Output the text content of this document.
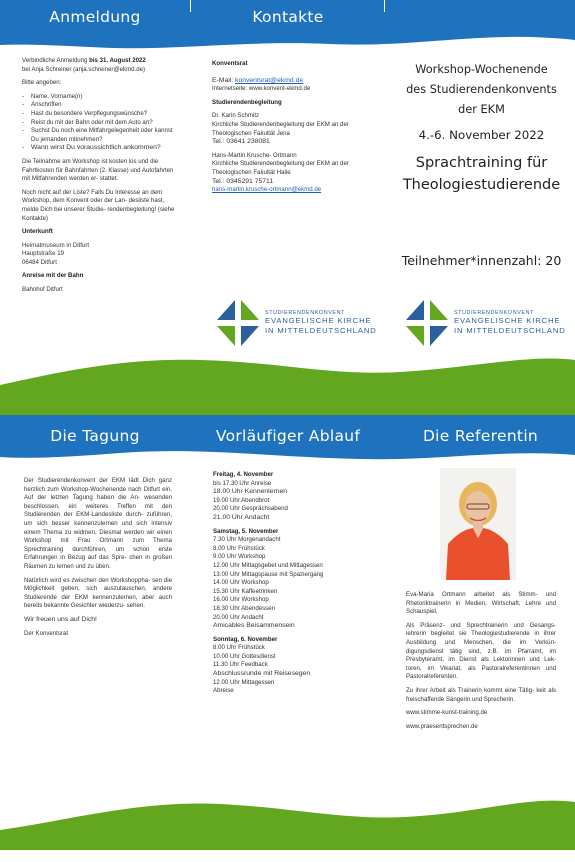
Anmeldung	Kontakte
Verbindliche Anmeldung bis 31. August 2022
bei Anja Schreiner (anja.schreiner@ekmd.de)
Bitte angeben:
- Name, Vorname(n)
- Anschriften
- Hast du besondere Verpflegungswünsche?
- Reist du mit der Bahn oder mit dem Auto an?
- Suchst Du noch eine Mitfahrgelegenheit oder kannst Du jemanden mitnehmen?
- Wann wirst Du voraussichtlich ankommen?
Die Teilnahme am Workshop ist kosten los und die Fahrtkosten für Bahnfahrten (2. Klasse) und Autofahrten mit Mitfahrenden werden er- stattet.
Noch nicht auf der Liste? Falls Du Interesse an dem Workshop, dem Konvent oder der Lan- desliste hast, melde Dich bei unserer Studie- rendenbegleitung! (siehe Kontakte)
Unterkunft
Heimatmuseum in Ditfurt
Hauptstraße 19
06484 Ditfurt
Anreise mit der Bahn
Bahnhof Ditfurt
Konventsrat
E-Mail: konventsrat@ekmd.de
Internetseite: www.konvent-ekmd.de
Studierendenbegleitung
Dr. Karin Schmitz
Kirchliche Studierendenbegleitung der EKM an der Theologischen Fakultät Jena
Tel.: 03641 238081
Hans-Martin Krusche- Ortmann
Kirchliche Studierendenbegleitung der EKM an der Theologischen Fakultät Halle
Tel.: 0345291 75711
hans-martin.krusche-ortmann@ekmd.de
Workshop-Wochenende
des Studierendenkonvents
der EKM
4.-6. November 2022
Sprachtraining für
Theologiestudierende
Teilnehmer*innenzahl: 20
STUDIERENDENKONVENT
EVANGELISCHE KIRCHE
IN MITTELDEUTSCHLAND
STUDIERENDENKONVENT
EVANGELISCHE KIRCHE
IN MITTELDEUTSCHLAND
Die Tagung	Vorläufiger Ablauf	Die Referentin
Der Studierendenkonvent der EKM lädt Dich ganz herzlich zum Workshop-Wochenende nach Ditfurt ein. Auf der letzten Tagung haben die An- wesenden beschlossen, ein weiteres Treffen mit den Studierenden der EKM-Landesliste durch- zuführen, um sich besser kennenzulernen und sich intensiv einem Thema zu widmen. Diesmal werden wir einen Workshop mit Frau Ortmann zum Thema Sprechtraining durchführen, um schon erste Erfahrungen in Bezug auf das Spre- chen in großen Räumen zu lernen und zu üben.
Natürlich wird es zwischen den Workshoppha- sen die Möglichkeit geben, sich auszutauschen, andere Studierende der EKM kennenzulernen, aber auch bereits bekannte Gesichter wiederzu- sehen.
Wir freuen uns auf Dich!
Der Konventsrat
Freitag, 4. November
bis 17.30 Uhr Anreise
18.00 Uhr Kennenlernen
19.00 Uhr Abendbrot
20.00 Uhr Gesprächsabend
21.00 Uhr Andacht
Samstag, 5. November
7.30 Uhr Morgenandacht
8.00 Uhr Frühstück
9.00 Uhr Workshop
12.00 Uhr Mittagsgebet und Mittagessen
13.00 Uhr Mittagspause mit Spaziergang
14.00 Uhr Workshop
15.30 Uhr Kaffeetrinken
16.00 Uhr Workshop
18.30 Uhr Abendessen
20.00 Uhr Andacht
Amicables Beisammensein
Sonntag, 6. November
8.00 Uhr Frühstück
10.00 Uhr Gottesdienst
11.30 Uhr Feedback
Abschlussrunde mit Reisesegen
12.00 Uhr Mittagessen
Abreise
Eva-Maria Ortmann arbeitet als Stimm- und Rhetoriktrainerin in Medien, Wirtschaft, Lehre und Schauspiel.
Als Präsenz- und Sprechtrainerin und Gesangs- lehrerin begleitet sie Theologiestudierende in ihrer Ausbildung und Menschen, die im Verkün- digungsdienst tätig sind, z.B. im Pfarramt, im Presbyteramt, im Dienst als Lektorinnen und Lek- toren, im Vikariat, als Pastoralreferentinnen und Pastoralreferenten.
Zu ihrer Arbeit als Trainerin kommt eine Tätig- keit als freischaffende Sängerin und Sprecherin.
www.stimme-kunst-training.de
www.praesentsprechen.de
